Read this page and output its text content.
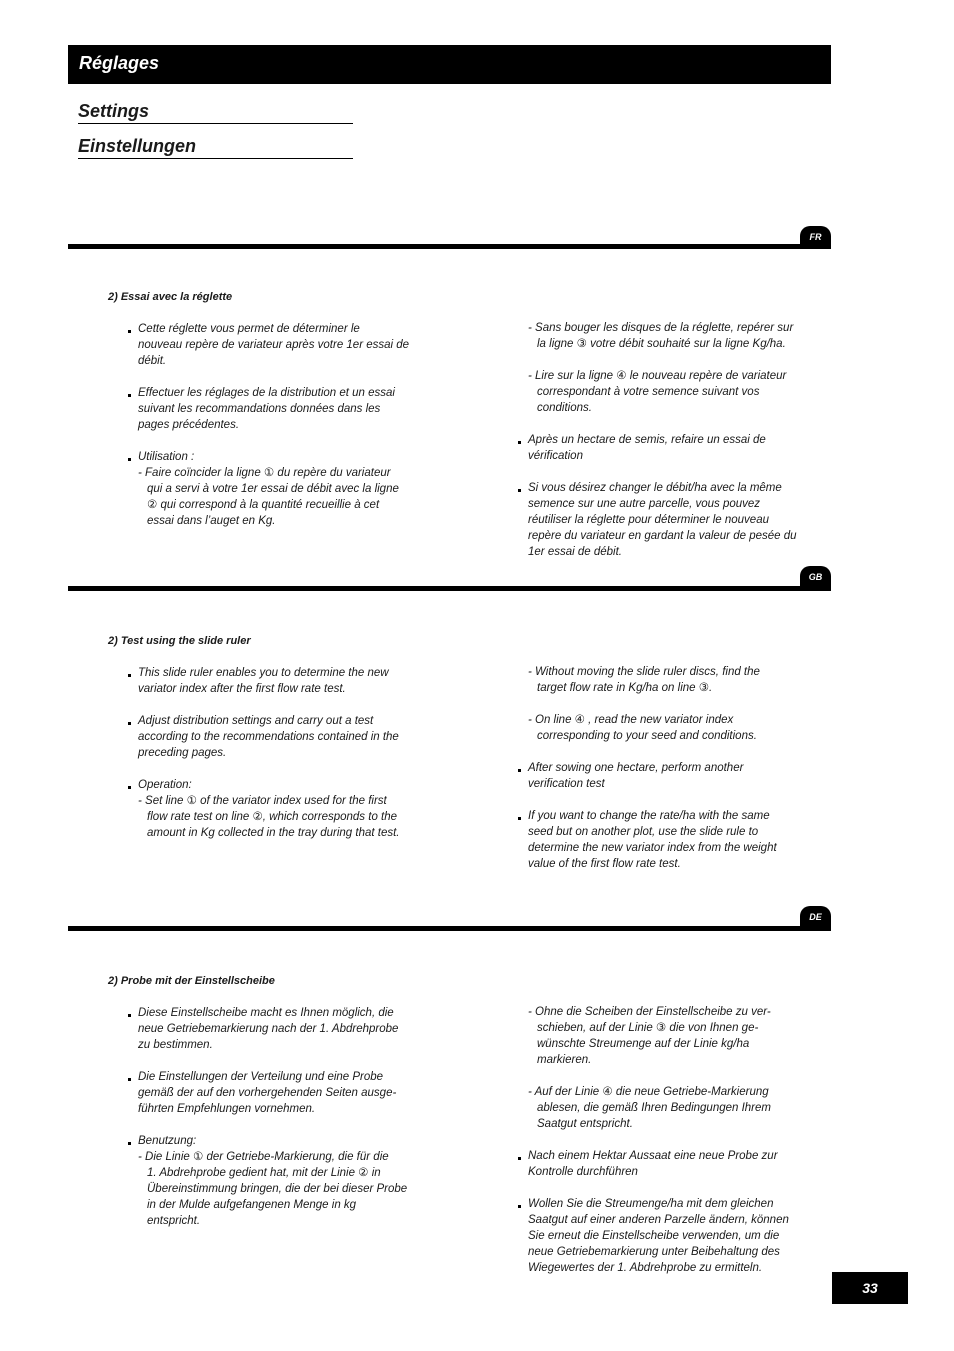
Réglages
Settings
Einstellungen
FR
2) Essai avec la réglette

Cette réglette vous permet de déterminer le
nouveau repère de variateur après votre 1er essai de
débit.

Effectuer les réglages de la distribution et un essai
suivant les recommandations données dans les
pages précédentes.

Utilisation :

- Faire coïncider la ligne ① du repère du variateur
qui a servi à votre 1er essai de débit avec la ligne
② qui correspond à la quantité recueillie à cet
essai dans l’auget en Kg.

- Sans bouger les disques de la réglette, repérer sur
la ligne ③ votre débit souhaité sur la ligne Kg/ha.

- Lire sur la ligne ④ le nouveau repère de variateur
correspondant à votre semence suivant vos
conditions.

Après un hectare de semis, refaire un essai de
vérification

Si vous désirez changer le débit/ha avec la même
semence sur une autre parcelle, vous pouvez
réutiliser la réglette pour déterminer le nouveau
repère du variateur en gardant la valeur de pesée du
1er essai de débit.

GB
2) Test using the slide ruler

This slide ruler enables you to determine the new
variator index after the first flow rate test.

Adjust distribution settings and carry out a test
according to the recommendations contained in the
preceding pages.

Operation:

- Set line ① of the variator index used for the first
flow rate test on line ②, which corresponds to the
amount in Kg collected in the tray during that test.

- Without moving the slide ruler discs, find the
target flow rate in Kg/ha on line ③.

- On line ④ , read the new variator index
corresponding to your seed and conditions.

After sowing one hectare, perform another
verification test

If you want to change the rate/ha with the same
seed but on another plot, use the slide rule to
determine the new variator index from the weight
value of the first flow rate test.

DE
2) Probe mit der Einstellscheibe

Diese Einstellscheibe macht es Ihnen möglich, die
neue Getriebemarkierung nach der 1. Abdrehprobe
zu bestimmen.

Die Einstellungen der Verteilung und eine Probe
gemäß der auf den vorhergehenden Seiten ausge-
führten Empfehlungen vornehmen.

Benutzung:

- Die Linie ① der Getriebe-Markierung, die für die
1. Abdrehprobe gedient hat, mit der Linie ② in
Übereinstimmung bringen, die der bei dieser Probe
in der Mulde aufgefangenen Menge in kg
entspricht.

- Ohne die Scheiben der Einstellscheibe zu ver-
schieben, auf der Linie ③ die von Ihnen ge-
wünschte Streumenge auf der Linie kg/ha
markieren.

- Auf der Linie ④ die neue Getriebe-Markierung
ablesen, die gemäß Ihren Bedingungen Ihrem
Saatgut entspricht.

Nach einem Hektar Aussaat eine neue Probe zur
Kontrolle durchführen

Wollen Sie die Streumenge/ha mit dem gleichen
Saatgut auf einer anderen Parzelle ändern, können
Sie erneut die Einstellscheibe verwenden, um die
neue Getriebemarkierung unter Beibehaltung des
Wiegewertes der 1. Abdrehprobe zu ermitteln.

33
